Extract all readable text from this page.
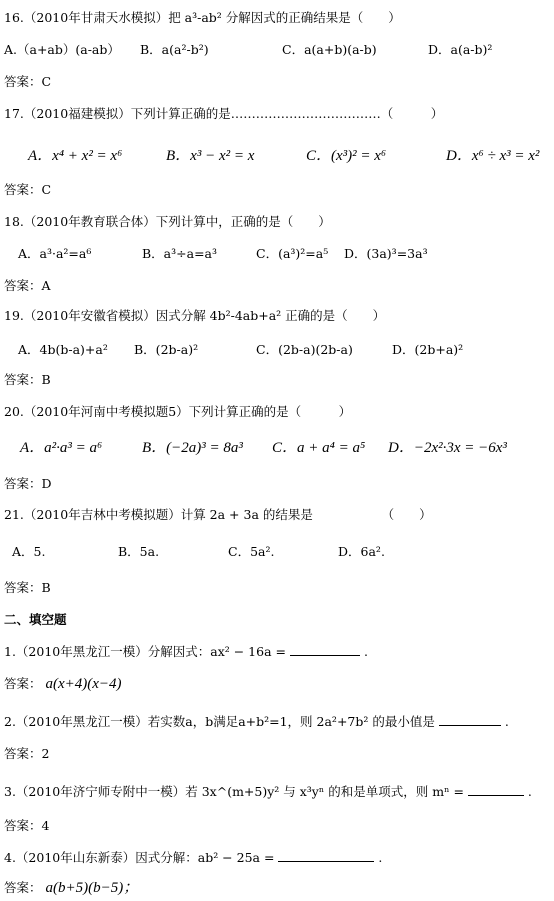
16.（2010年甘肃天水模拟）把 a³-ab² 分解因式的正确结果是（　　）
A.（a+ab）(a-ab） B．a(a²-b²)	C．a(a+b)(a-b)	D．a(a-b)²
答案：C
17.（2010福建模拟）下列计算正确的是………………………………（　　　）
A．x⁴ + x² = x⁶	B．x³ − x² = x	C．(x³)² = x⁶	D．x⁶ ÷ x³ = x²
答案：C
18.（2010年教育联合体）下列计算中，正确的是（　　）
A．a³·a²=a⁶	B．a³÷a=a³	C．(a³)²=a⁵ D．(3a)³=3a³
答案：A
19.（2010年安徽省模拟）因式分解 4b²-4ab+a² 正确的是（　　）
A．4b(b-a)+a² B．(2b-a)²	C．(2b-a)(2b-a)	D．(2b+a)²
答案：B
20.（2010年河南中考模拟题5）下列计算正确的是（　　　）
A．a²·a³ = a⁶	B．(−2a)³ = 8a³ C．a + a⁴ = a⁵ D．−2x²·3x = −6x³
答案：D
21.（2010年吉林中考模拟题）计算 2a + 3a 的结果是　　　　　　（　　）
A．5.	B．5a.	C．5a².	D．6a².
答案：B
二、填空题
1.（2010年黑龙江一模）分解因式：ax² − 16a =	.
答案： a(x+4)(x−4)
2.（2010年黑龙江一模）若实数a，b满足a+b²=1，则 2a²+7b² 的最小值是	.
答案：2
3.（2010年济宁师专附中一模）若 3x^(m+5)y² 与 x³yⁿ 的和是单项式，则 mⁿ =	.
答案：4
4.（2010年山东新泰）因式分解：ab² − 25a =	.
答案： a(b+5)(b−5)；
